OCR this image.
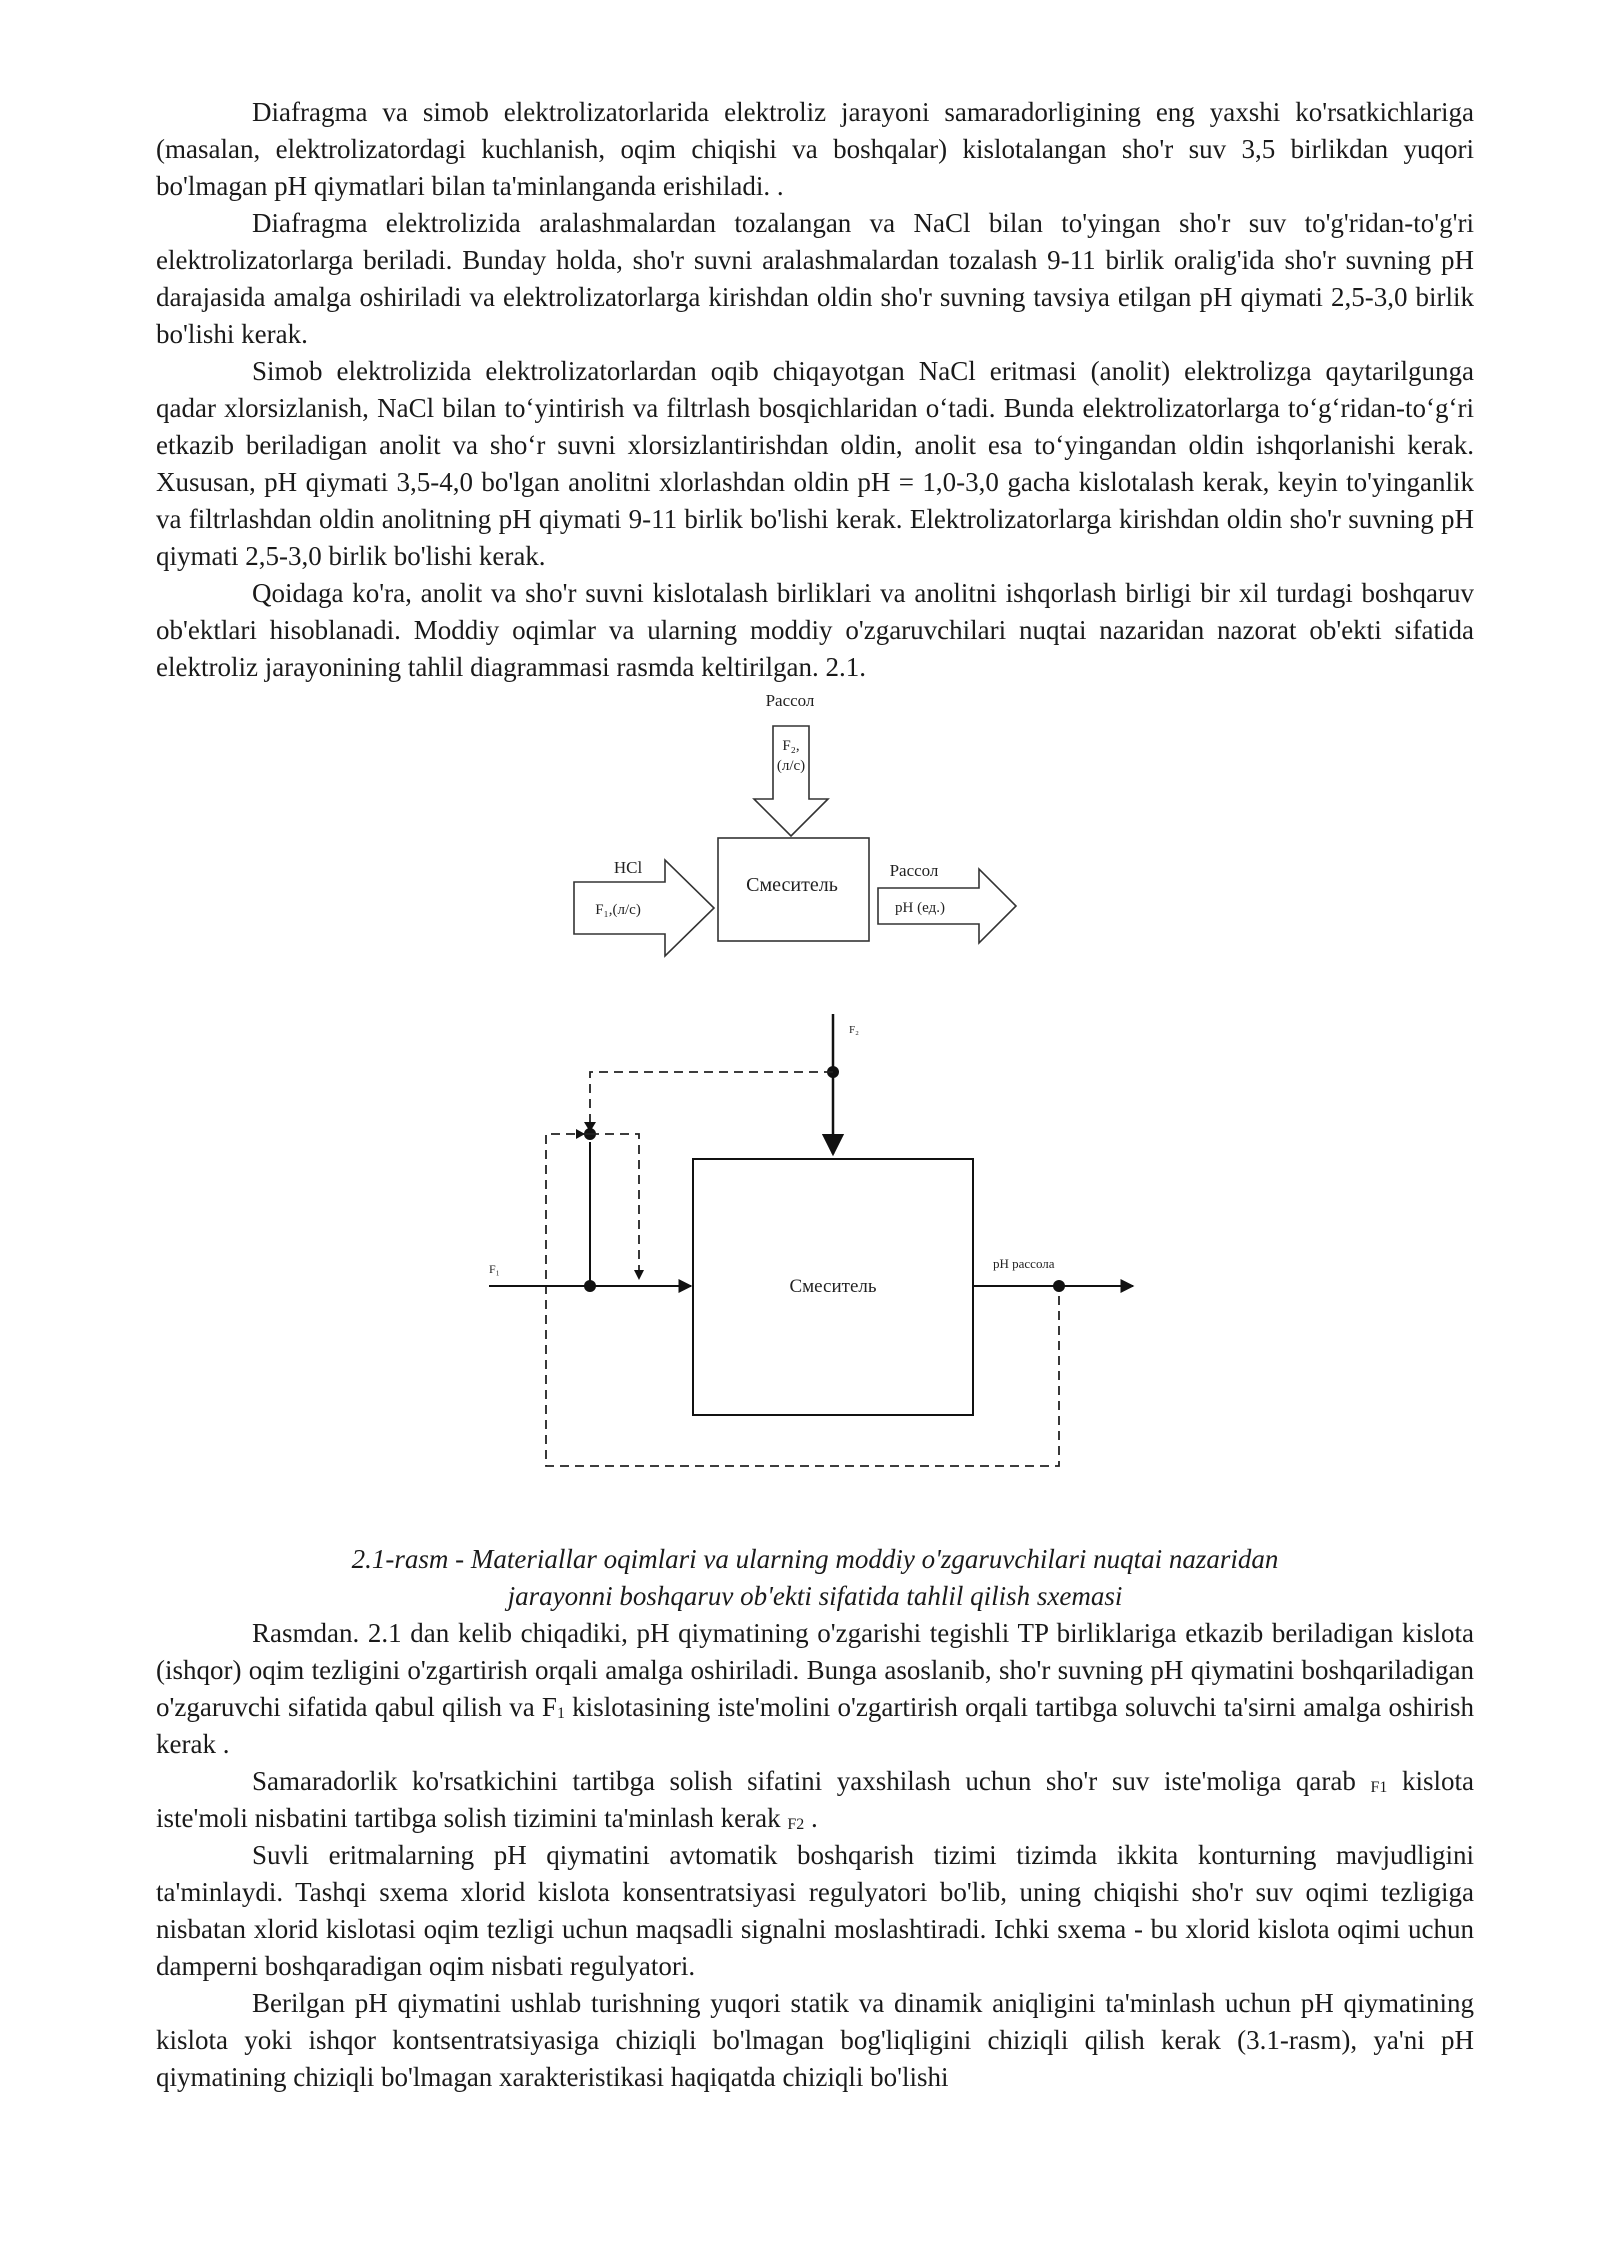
Diafragma va simob elektrolizatorlarida elektroliz jarayoni samaradorligining eng yaxshi ko'rsatkichlariga (masalan, elektrolizatordagi kuchlanish, oqim chiqishi va boshqalar) kislotalangan sho'r suv 3,5 birlikdan yuqori bo'lmagan pH qiymatlari bilan ta'minlanganda erishiladi. .

Diafragma elektrolizida aralashmalardan tozalangan va NaCl bilan to'yingan sho'r suv to'g'ridan-to'g'ri elektrolizatorlarga beriladi. Bunday holda, sho'r suvni aralashmalardan tozalash 9-11 birlik oralig'ida sho'r suvning pH darajasida amalga oshiriladi va elektrolizatorlarga kirishdan oldin sho'r suvning tavsiya etilgan pH qiymati 2,5-3,0 birlik bo'lishi kerak.

Simob elektrolizida elektrolizatorlardan oqib chiqayotgan NaCl eritmasi (anolit) elektrolizga qaytarilgunga qadar xlorsizlanish, NaCl bilan to‘yintirish va filtrlash bosqichlaridan o‘tadi. Bunda elektrolizatorlarga to‘g‘ridan-to‘g‘ri etkazib beriladigan anolit va sho‘r suvni xlorsizlantirishdan oldin, anolit esa to‘yingandan oldin ishqorlanishi kerak. Xususan, pH qiymati 3,5-4,0 bo'lgan anolitni xlorlashdan oldin pH = 1,0-3,0 gacha kislotalash kerak, keyin to'yinganlik va filtrlashdan oldin anolitning pH qiymati 9-11 birlik bo'lishi kerak. Elektrolizatorlarga kirishdan oldin sho'r suvning pH qiymati 2,5-3,0 birlik bo'lishi kerak.

Qoidaga ko'ra, anolit va sho'r suvni kislotalash birliklari va anolitni ishqorlash birligi bir xil turdagi boshqaruv ob'ektlari hisoblanadi. Moddiy oqimlar va ularning moddiy o'zgaruvchilari nuqtai nazaridan nazorat ob'ekti sifatida elektroliz jarayonining tahlil diagrammasi rasmda keltirilgan. 2.1.

Рассол
F₂,
(л/с)
Смеситель
HCl
F₁,(л/с)
Рассол
pH (ед.)
F₂
F₁
Смеситель
pH рассола

2.1-rasm - Materiallar oqimlari va ularning moddiy o'zgaruvchilari nuqtai nazaridan
jarayonni boshqaruv ob'ekti sifatida tahlil qilish sxemasi

Rasmdan. 2.1 dan kelib chiqadiki, pH qiymatining o'zgarishi tegishli TP birliklariga etkazib beriladigan kislota (ishqor) oqim tezligini o'zgartirish orqali amalga oshiriladi. Bunga asoslanib, sho'r suvning pH qiymatini boshqariladigan o'zgaruvchi sifatida qabul qilish va $F_1$ kislotasining iste'molini o'zgartirish orqali tartibga soluvchi ta'sirni amalga oshirish kerak .

Samaradorlik ko'rsatkichini tartibga solish sifatini yaxshilash uchun sho'r suv iste'moliga qarab $_{F1}$ kislota iste'moli nisbatini tartibga solish tizimini ta'minlash kerak $_{F2}$ .

Suvli eritmalarning pH qiymatini avtomatik boshqarish tizimi tizimda ikkita konturning mavjudligini ta'minlaydi. Tashqi sxema xlorid kislota konsentratsiyasi regulyatori bo'lib, uning chiqishi sho'r suv oqimi tezligiga nisbatan xlorid kislotasi oqim tezligi uchun maqsadli signalni moslashtiradi. Ichki sxema - bu xlorid kislota oqimi uchun damperni boshqaradigan oqim nisbati regulyatori.

Berilgan pH qiymatini ushlab turishning yuqori statik va dinamik aniqligini ta'minlash uchun pH qiymatining kislota yoki ishqor kontsentratsiyasiga chiziqli bo'lmagan bog'liqligini chiziqli qilish kerak (3.1-rasm), ya'ni pH qiymatining chiziqli bo'lmagan xarakteristikasi haqiqatda chiziqli bo'lishi
